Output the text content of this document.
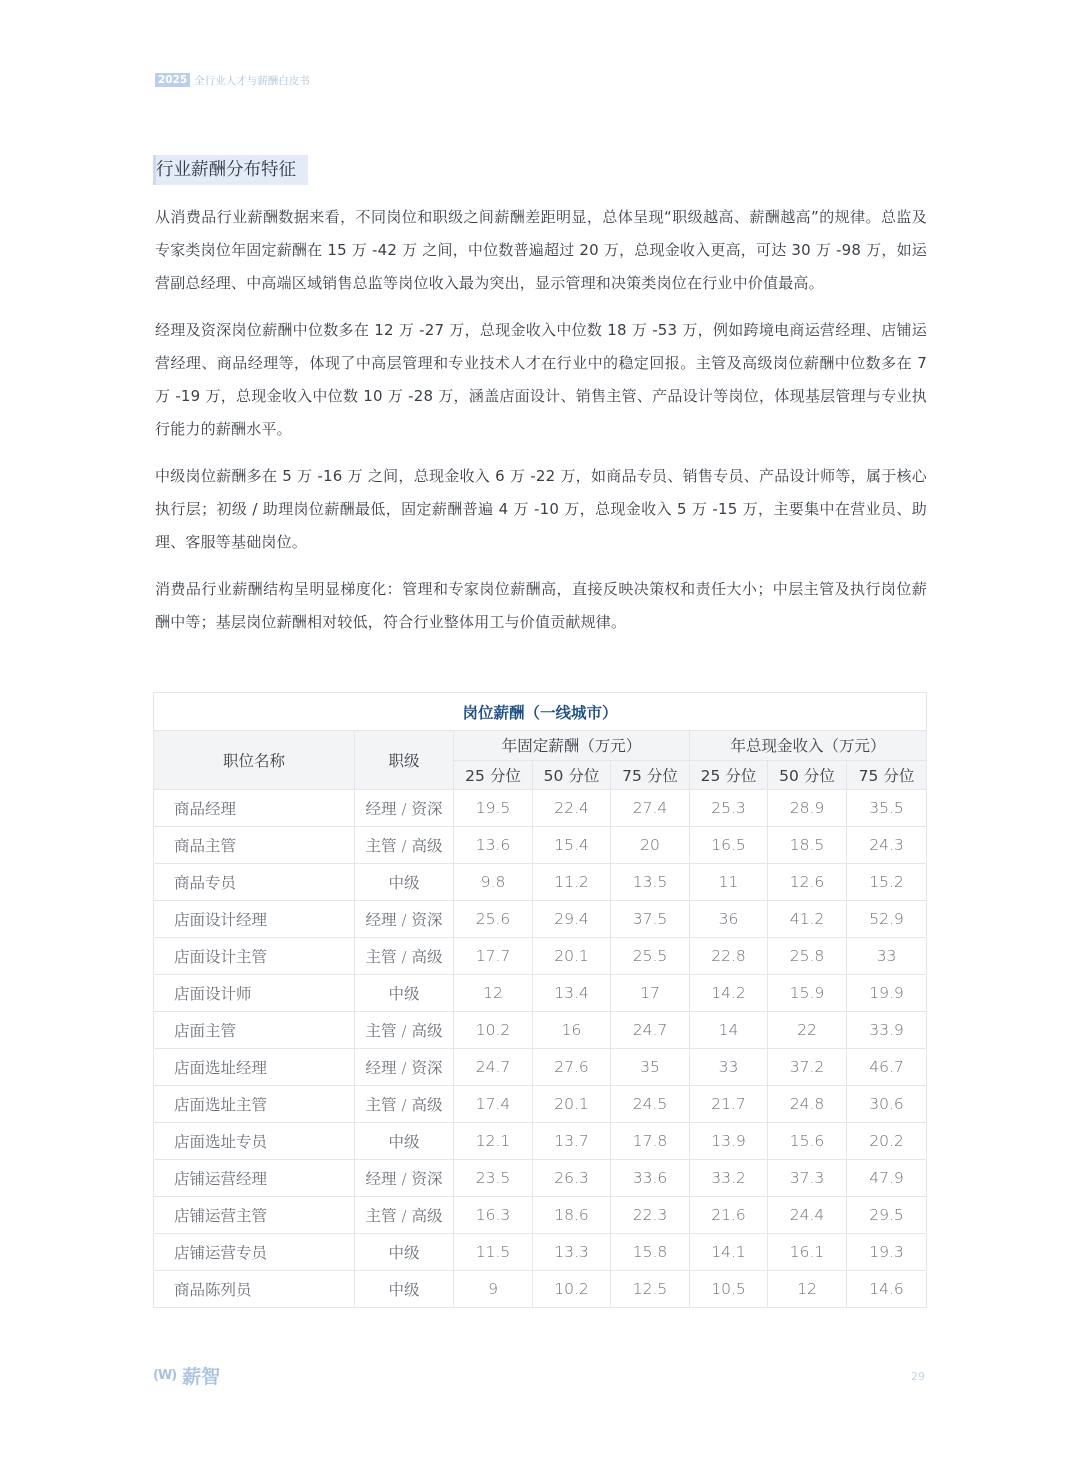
2025 全行业人才与薪酬白皮书
行业薪酬分布特征

从消费品行业薪酬数据来看，不同岗位和职级之间薪酬差距明显，总体呈现“职级越高、薪酬越高”的规律。总监及专家类岗位年固定薪酬在 15 万 -42 万 之间，中位数普遍超过 20 万，总现金收入更高，可达 30 万 -98 万，如运营副总经理、中高端区域销售总监等岗位收入最为突出，显示管理和决策类岗位在行业中价值最高。

经理及资深岗位薪酬中位数多在 12 万 -27 万，总现金收入中位数 18 万 -53 万，例如跨境电商运营经理、店铺运营经理、商品经理等，体现了中高层管理和专业技术人才在行业中的稳定回报。主管及高级岗位薪酬中位数多在 7 万 -19 万，总现金收入中位数 10 万 -28 万，涵盖店面设计、销售主管、产品设计等岗位，体现基层管理与专业执行能力的薪酬水平。

中级岗位薪酬多在 5 万 -16 万 之间，总现金收入 6 万 -22 万，如商品专员、销售专员、产品设计师等，属于核心执行层；初级 / 助理岗位薪酬最低，固定薪酬普遍 4 万 -10 万，总现金收入 5 万 -15 万，主要集中在营业员、助理、客服等基础岗位。

消费品行业薪酬结构呈明显梯度化：管理和专家岗位薪酬高，直接反映决策权和责任大小；中层主管及执行岗位薪酬中等；基层岗位薪酬相对较低，符合行业整体用工与价值贡献规律。

岗位薪酬（一线城市）							
职位名称	职级	年固定薪酬（万元）			年总现金收入（万元）		
		25 分位	50 分位	75 分位	25 分位	50 分位	75 分位
商品经理	经理 / 资深	19.5	22.4	27.4	25.3	28.9	35.5
商品主管	主管 / 高级	13.6	15.4	20	16.5	18.5	24.3
商品专员	中级	9.8	11.2	13.5	11	12.6	15.2
店面设计经理	经理 / 资深	25.6	29.4	37.5	36	41.2	52.9
店面设计主管	主管 / 高级	17.7	20.1	25.5	22.8	25.8	33
店面设计师	中级	12	13.4	17	14.2	15.9	19.9
店面主管	主管 / 高级	10.2	16	24.7	14	22	33.9
店面选址经理	经理 / 资深	24.7	27.6	35	33	37.2	46.7
店面选址主管	主管 / 高级	17.4	20.1	24.5	21.7	24.8	30.6
店面选址专员	中级	12.1	13.7	17.8	13.9	15.6	20.2
店铺运营经理	经理 / 资深	23.5	26.3	33.6	33.2	37.3	47.9
店铺运营主管	主管 / 高级	16.3	18.6	22.3	21.6	24.4	29.5
店铺运营专员	中级	11.5	13.3	15.8	14.1	16.1	19.3
商品陈列员	中级	9	10.2	12.5	10.5	12	14.6
(W) 薪智	29
